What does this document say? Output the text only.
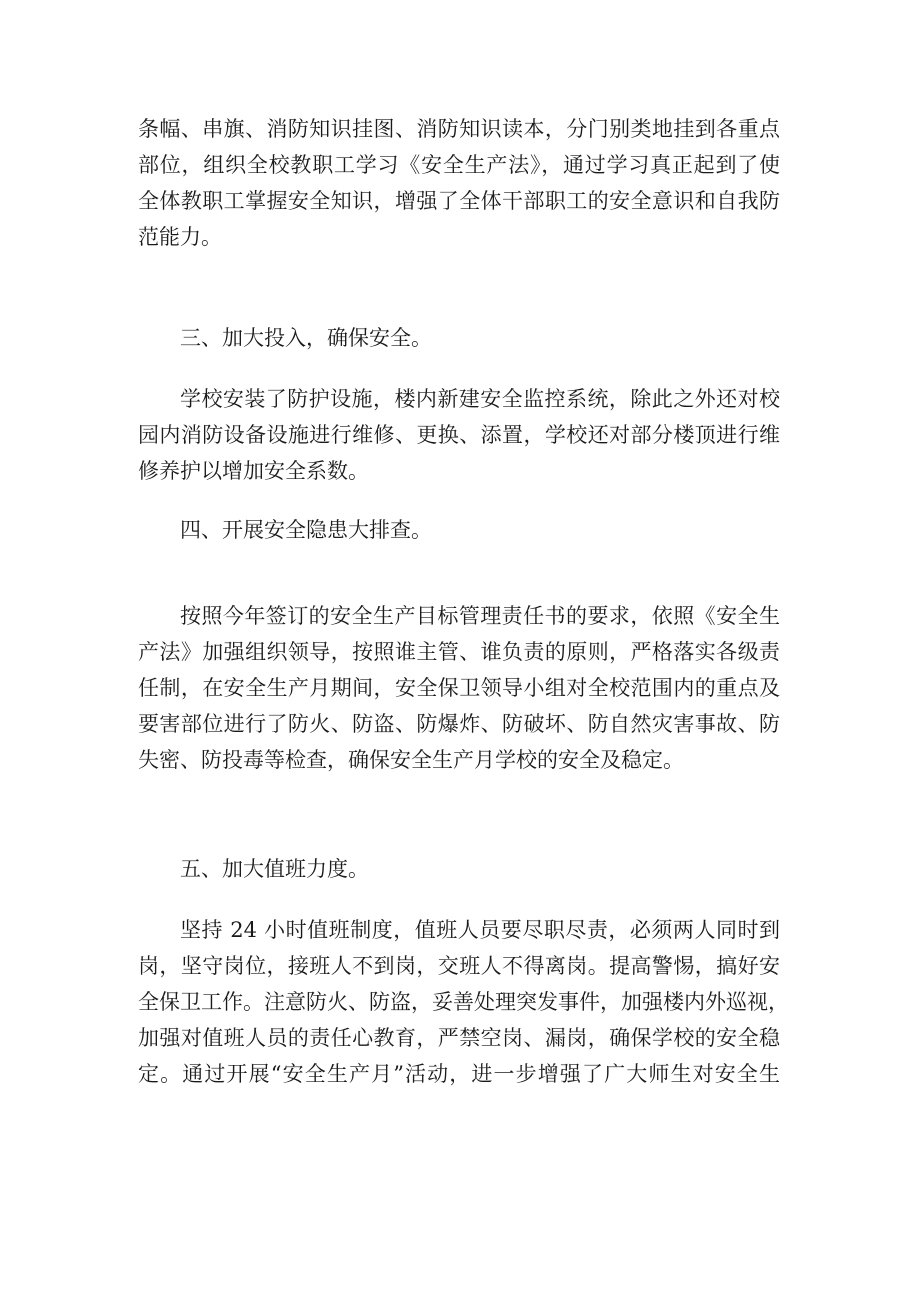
条幅、串旗、消防知识挂图、消防知识读本，分门别类地挂到各重点
部位，组织全校教职工学习《安全生产法》，通过学习真正起到了使
全体教职工掌握安全知识，增强了全体干部职工的安全意识和自我防
范能力。
三、加大投入，确保安全。
学校安装了防护设施，楼内新建安全监控系统，除此之外还对校
园内消防设备设施进行维修、更换、添置，学校还对部分楼顶进行维
修养护以增加安全系数。
四、开展安全隐患大排查。
按照今年签订的安全生产目标管理责任书的要求，依照《安全生
产法》加强组织领导，按照谁主管、谁负责的原则，严格落实各级责
任制，在安全生产月期间，安全保卫领导小组对全校范围内的重点及
要害部位进行了防火、防盗、防爆炸、防破坏、防自然灾害事故、防
失密、防投毒等检查，确保安全生产月学校的安全及稳定。
五、加大值班力度。
坚持 24 小时值班制度，值班人员要尽职尽责，必须两人同时到
岗，坚守岗位，接班人不到岗，交班人不得离岗。提高警惕，搞好安
全保卫工作。注意防火、防盗，妥善处理突发事件，加强楼内外巡视，
加强对值班人员的责任心教育，严禁空岗、漏岗，确保学校的安全稳
定。通过开展“安全生产月”活动，进一步增强了广大师生对安全生
